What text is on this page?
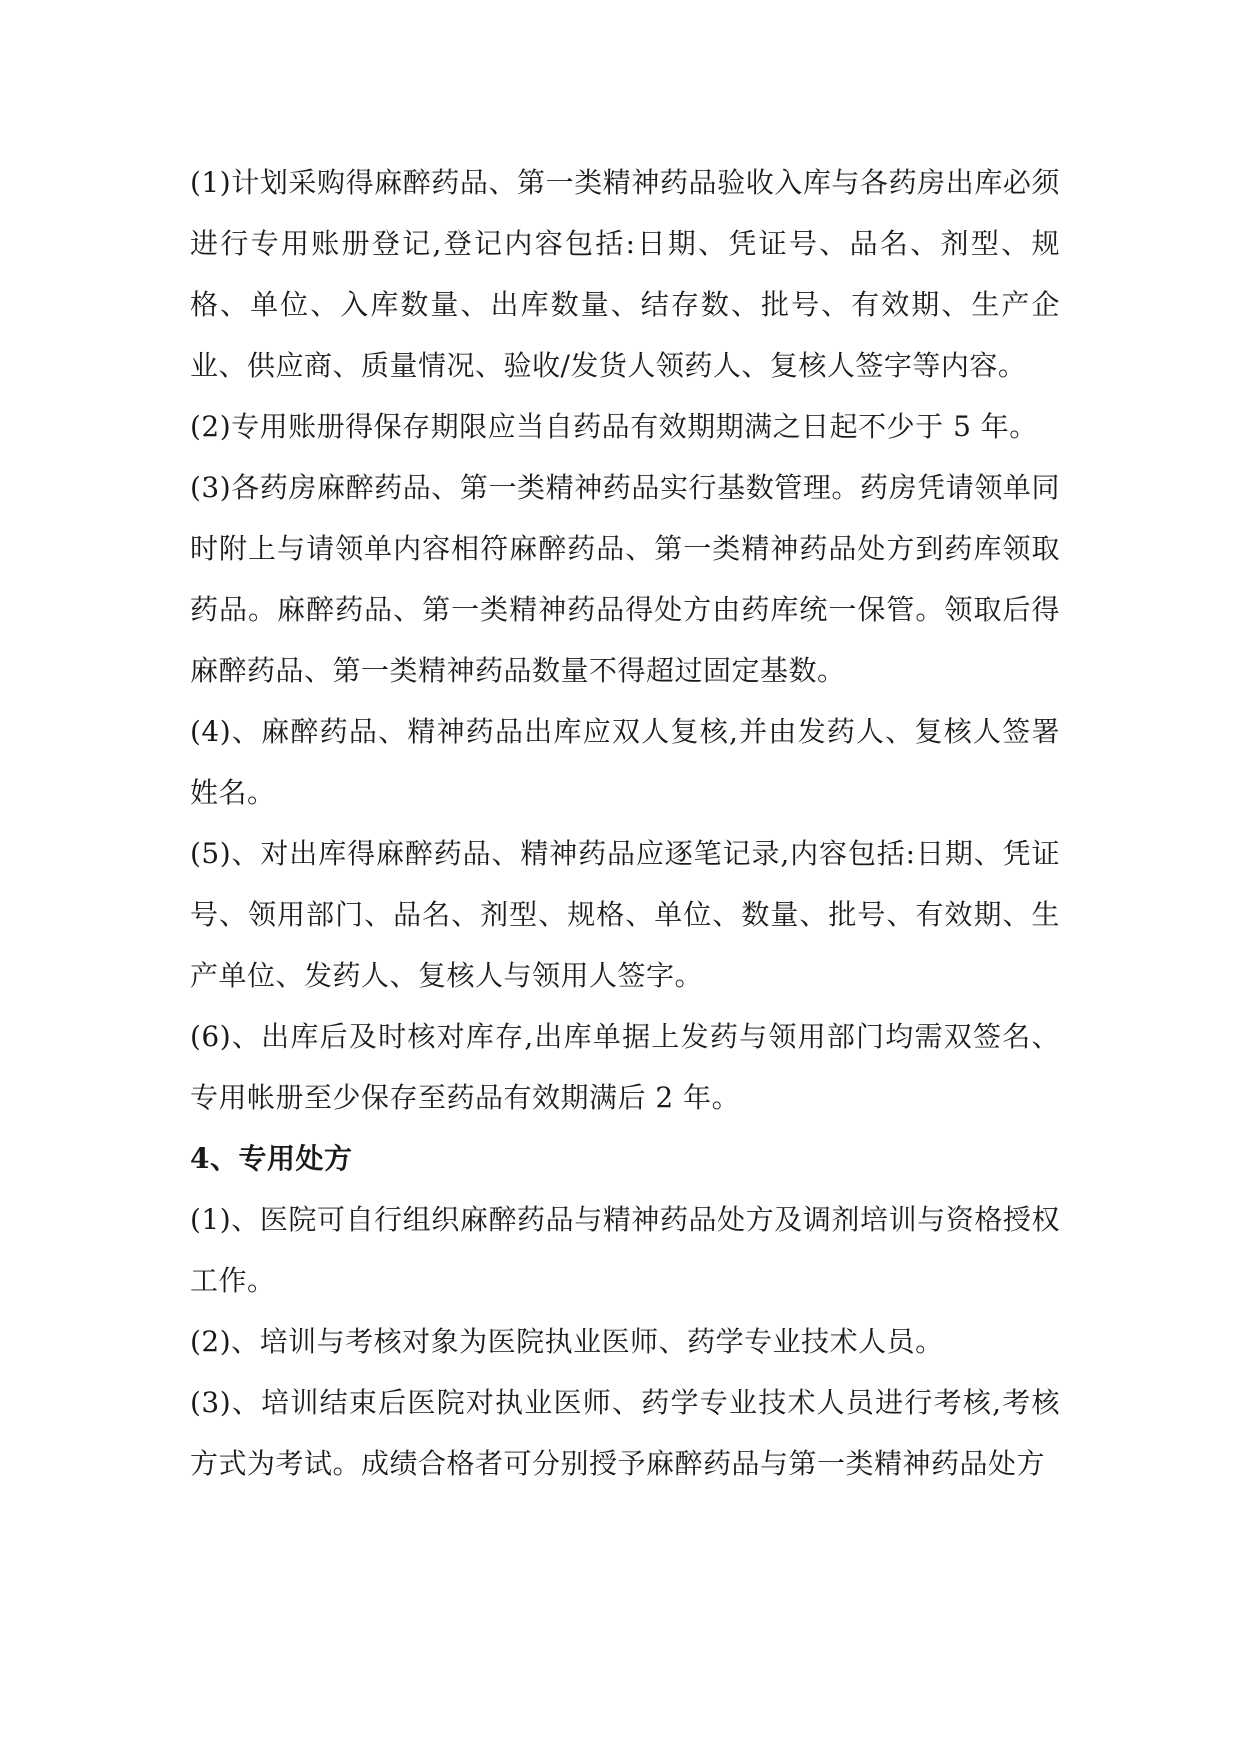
(1)计划采购得麻醉药品、第一类精神药品验收入库与各药房出库必须进行专用账册登记,登记内容包括:日期、凭证号、品名、剂型、规格、单位、入库数量、出库数量、结存数、批号、有效期、生产企业、供应商、质量情况、验收/发货人领药人、复核人签字等内容。

(2)专用账册得保存期限应当自药品有效期期满之日起不少于 5 年。

(3)各药房麻醉药品、第一类精神药品实行基数管理。药房凭请领单同时附上与请领单内容相符麻醉药品、第一类精神药品处方到药库领取药品。麻醉药品、第一类精神药品得处方由药库统一保管。领取后得麻醉药品、第一类精神药品数量不得超过固定基数。

(4)、麻醉药品、精神药品出库应双人复核,并由发药人、复核人签署姓名。

(5)、对出库得麻醉药品、精神药品应逐笔记录,内容包括:日期、凭证号、领用部门、品名、剂型、规格、单位、数量、批号、有效期、生产单位、发药人、复核人与领用人签字。

(6)、出库后及时核对库存,出库单据上发药与领用部门均需双签名、专用帐册至少保存至药品有效期满后 2 年。

4、专用处方

(1)、医院可自行组织麻醉药品与精神药品处方及调剂培训与资格授权工作。

(2)、培训与考核对象为医院执业医师、药学专业技术人员。

(3)、培训结束后医院对执业医师、药学专业技术人员进行考核,考核方式为考试。成绩合格者可分别授予麻醉药品与第一类精神药品处方
